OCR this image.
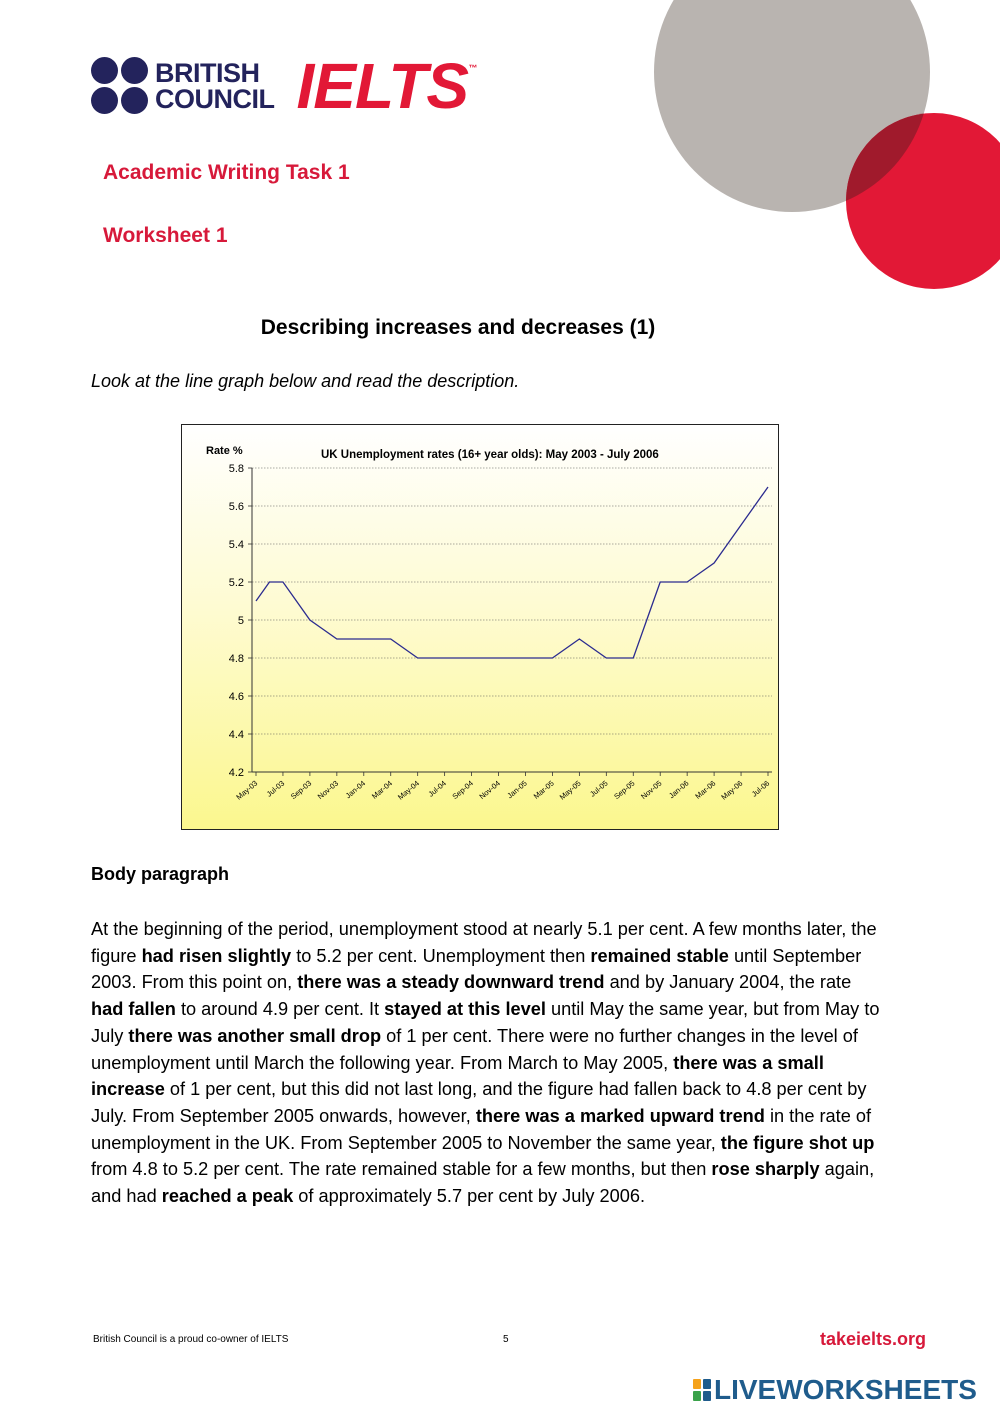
BRITISH
COUNCIL IELTS™
Academic Writing Task 1
Worksheet 1
Describing increases and decreases (1)
Look at the line graph below and read the description.
UK Unemployment rates (16+ year olds): May 2003 - July 2006
Rate %
5.8
5.6
5.4
5.2
5
4.8
4.6
4.4
4.2
May-03 Jul-03 Sep-03 Nov-03 Jan-04 Mar-04 May-04 Jul-04 Sep-04 Nov-04 Jan-05 Mar-05 May-05 Jul-05 Sep-05 Nov-05 Jan-06 Mar-06 May-06 Jul-06
Body paragraph
At the beginning of the period, unemployment stood at nearly 5.1 per cent. A few months later, the figure had risen slightly to 5.2 per cent. Unemployment then remained stable until September 2003. From this point on, there was a steady downward trend and by January 2004, the rate had fallen to around 4.9 per cent. It stayed at this level until May the same year, but from May to July there was another small drop of 1 per cent. There were no further changes in the level of unemployment until March the following year. From March to May 2005, there was a small increase of 1 per cent, but this did not last long, and the figure had fallen back to 4.8 per cent by July. From September 2005 onwards, however, there was a marked upward trend in the rate of unemployment in the UK. From September 2005 to November the same year, the figure shot up from 4.8 to 5.2 per cent. The rate remained stable for a few months, but then rose sharply again, and had reached a peak of approximately 5.7 per cent by July 2006.
British Council is a proud co-owner of IELTS	5	takeielts.org
LIVEWORKSHEETS
